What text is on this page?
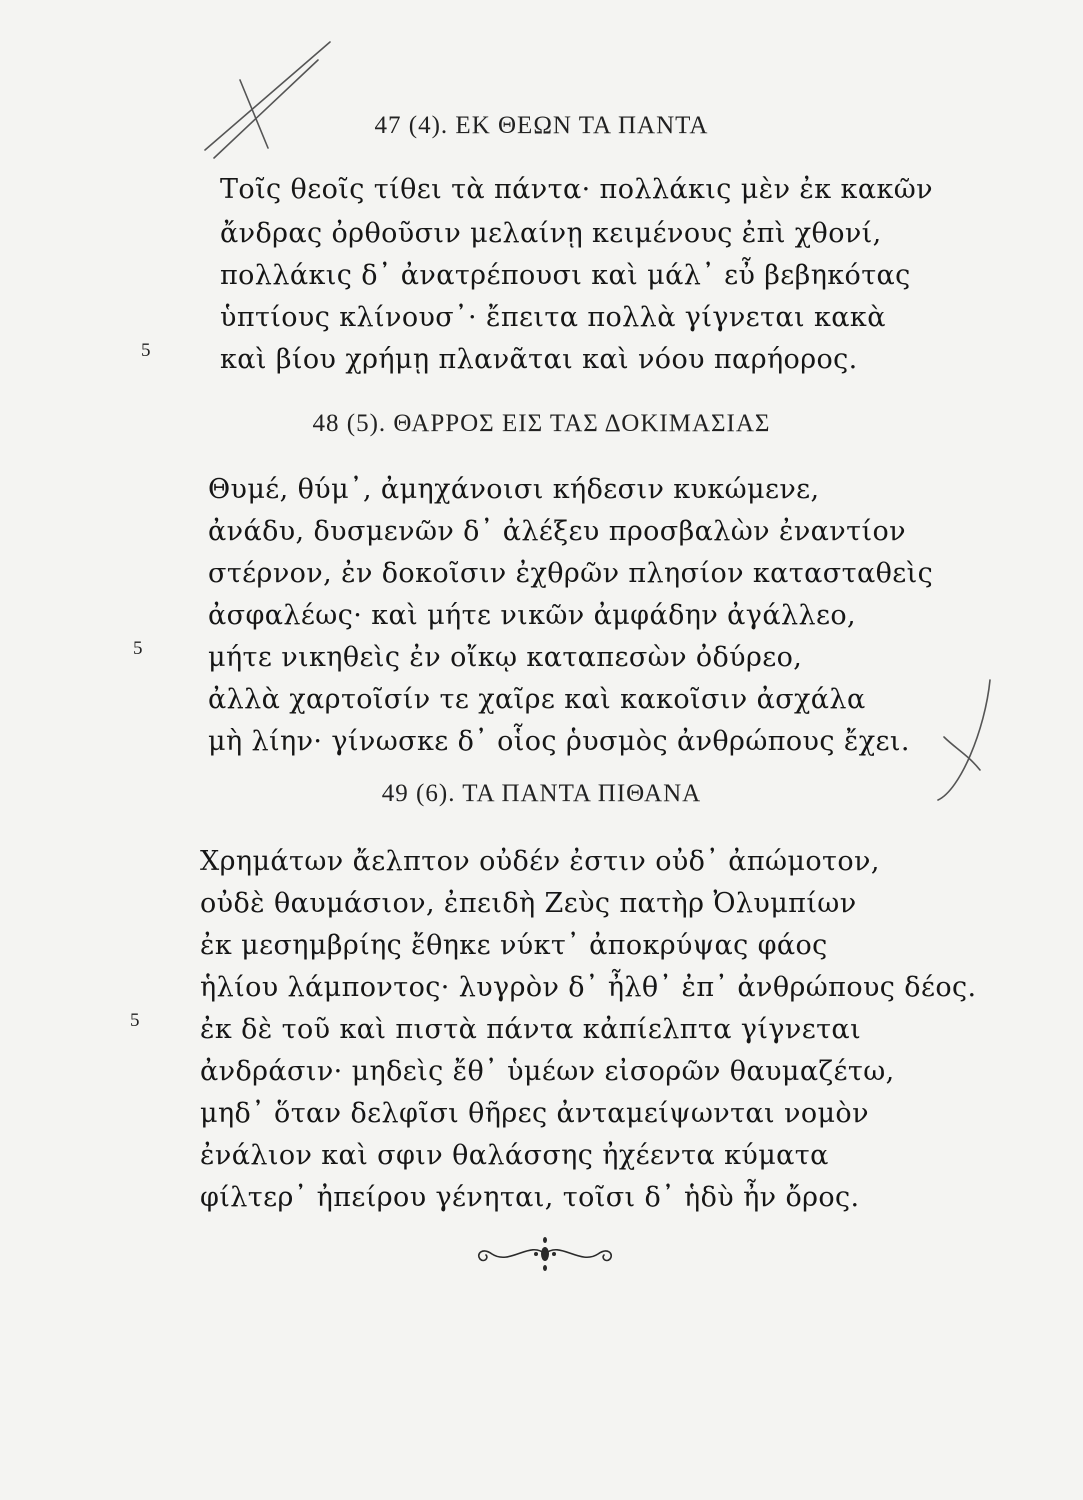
47 (4). ΕΚ ΘΕΩΝ ΤΑ ΠΑΝΤΑ
Τοῖς θεοῖς τίθει τὰ πάντα· πολλάκις μὲν ἐκ κακῶν
ἄνδρας ὀρθοῦσιν μελαίνῃ κειμένους ἐπὶ χθονί,
πολλάκις δ᾽ ἀνατρέπουσι καὶ μάλ᾽ εὖ βεβηκότας
ὑπτίους κλίνουσ᾽· ἔπειτα πολλὰ γίγνεται κακὰ
5	καὶ βίου χρήμῃ πλανᾶται καὶ νόου παρήορος.
48 (5). ΘΑΡΡΟΣ ΕΙΣ ΤΑΣ ΔΟΚΙΜΑΣΙΑΣ
Θυμέ, θύμ᾽, ἀμηχάνοισι κήδεσιν κυκώμενε,
ἀνάδυ, δυσμενῶν δ᾽ ἀλέξευ προσβαλὼν ἐναντίον
στέρνον, ἐν δοκοῖσιν ἐχθρῶν πλησίον κατασταθεὶς
ἀσφαλέως· καὶ μήτε νικῶν ἀμφάδην ἀγάλλεο,
5 μήτε νικηθεὶς ἐν οἴκῳ καταπεσὼν ὀδύρεο,
ἀλλὰ χαρτοῖσίν τε χαῖρε καὶ κακοῖσιν ἀσχάλα
μὴ λίην· γίνωσκε δ᾽ οἷος ῥυσμὸς ἀνθρώπους ἔχει.
49 (6). ΤΑ ΠΑΝΤΑ ΠΙΘΑΝΑ
Χρημάτων ἄελπτον οὐδέν ἐστιν οὐδ᾽ ἀπώμοτον,
οὐδὲ θαυμάσιον, ἐπειδὴ Ζεὺς πατὴρ Ὀλυμπίων
ἐκ μεσημβρίης ἔθηκε νύκτ᾽ ἀποκρύψας φάος
ἡλίου λάμποντος· λυγρὸν δ᾽ ἦλθ᾽ ἐπ᾽ ἀνθρώπους δέος.
5 ἐκ δὲ τοῦ καὶ πιστὰ πάντα κἀπίελπτα γίγνεται
ἀνδράσιν· μηδεὶς ἔθ᾽ ὑμέων εἰσορῶν θαυμαζέτω,
μηδ᾽ ὅταν δελφῖσι θῆρες ἀνταμείψωνται νομὸν
ἐνάλιον καὶ σφιν θαλάσσης ἠχέεντα κύματα
φίλτερ᾽ ἠπείρου γένηται, τοῖσι δ᾽ ἡδὺ ἦν ὄρος.
